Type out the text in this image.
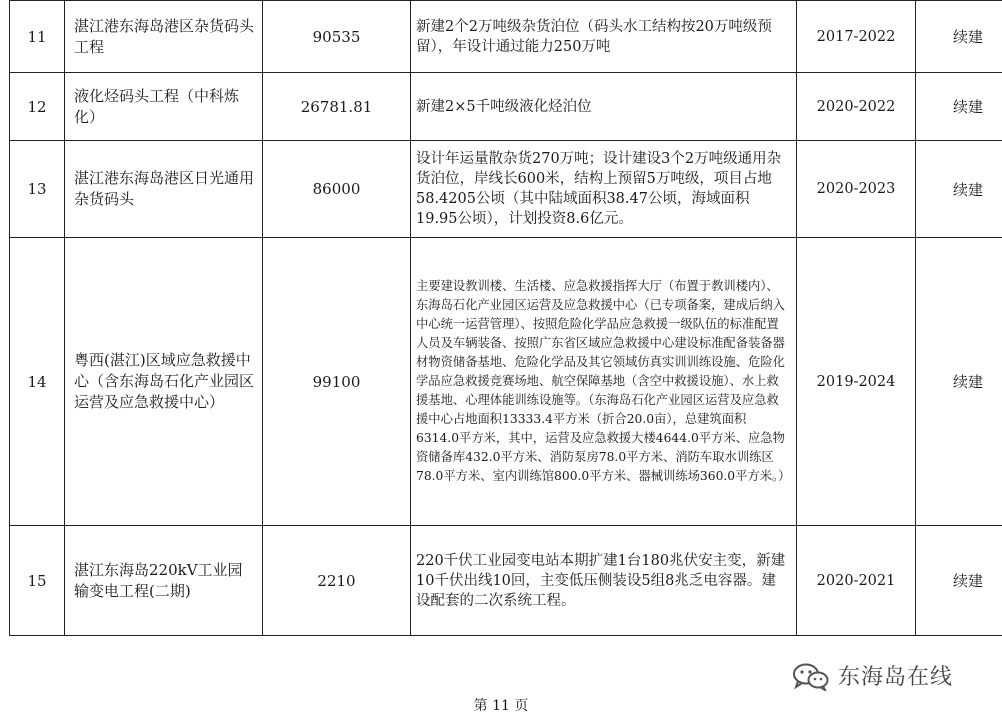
11	湛江港东海岛港区杂货码头工程	90535	新建2个2万吨级杂货泊位（码头水工结构按20万吨级预留），年设计通过能力250万吨	2017-2022	续建
12	液化烃码头工程（中科炼化）	26781.81	新建2×5千吨级液化烃泊位	2020-2022	续建
13	湛江港东海岛港区日光通用杂货码头	86000	设计年运量散杂货270万吨；设计建设3个2万吨级通用杂货泊位，岸线长600米，结构上预留5万吨级，项目占地58.4205公顷（其中陆域面积38.47公顷，海域面积19.95公顷），计划投资8.6亿元。	2020-2023	续建
14	粤西(湛江)区域应急救援中心（含东海岛石化产业园区运营及应急救援中心）	99100	主要建设教训楼、生活楼、应急救援指挥大厅（布置于教训楼内）、东海岛石化产业园区运营及应急救援中心（已专项备案，建成后纳入中心统一运营管理）、按照危险化学品应急救援一级队伍的标准配置人员及车辆装备、按照广东省区域应急救援中心建设标准配备装备器材物资储备基地、危险化学品及其它领域仿真实训训练设施、危险化学品应急救援竞赛场地、航空保障基地（含空中救援设施）、水上救援基地、心理体能训练设施等。（东海岛石化产业园区运营及应急救援中心占地面积13333.4平方米（折合20.0亩），总建筑面积6314.0平方米，其中，运营及应急救援大楼4644.0平方米、应急物资储备库432.0平方米、消防泵房78.0平方米、消防车取水训练区78.0平方米、室内训练馆800.0平方米、器械训练场360.0平方米。）	2019-2024	续建
15	湛江东海岛220kV工业园输变电工程(二期)	2210	220千伏工业园变电站本期扩建1台180兆伏安主变，新建10千伏出线10回，主变低压侧装设5组8兆乏电容器。建设配套的二次系统工程。	2020-2021	续建
东海岛在线
第 11 页
